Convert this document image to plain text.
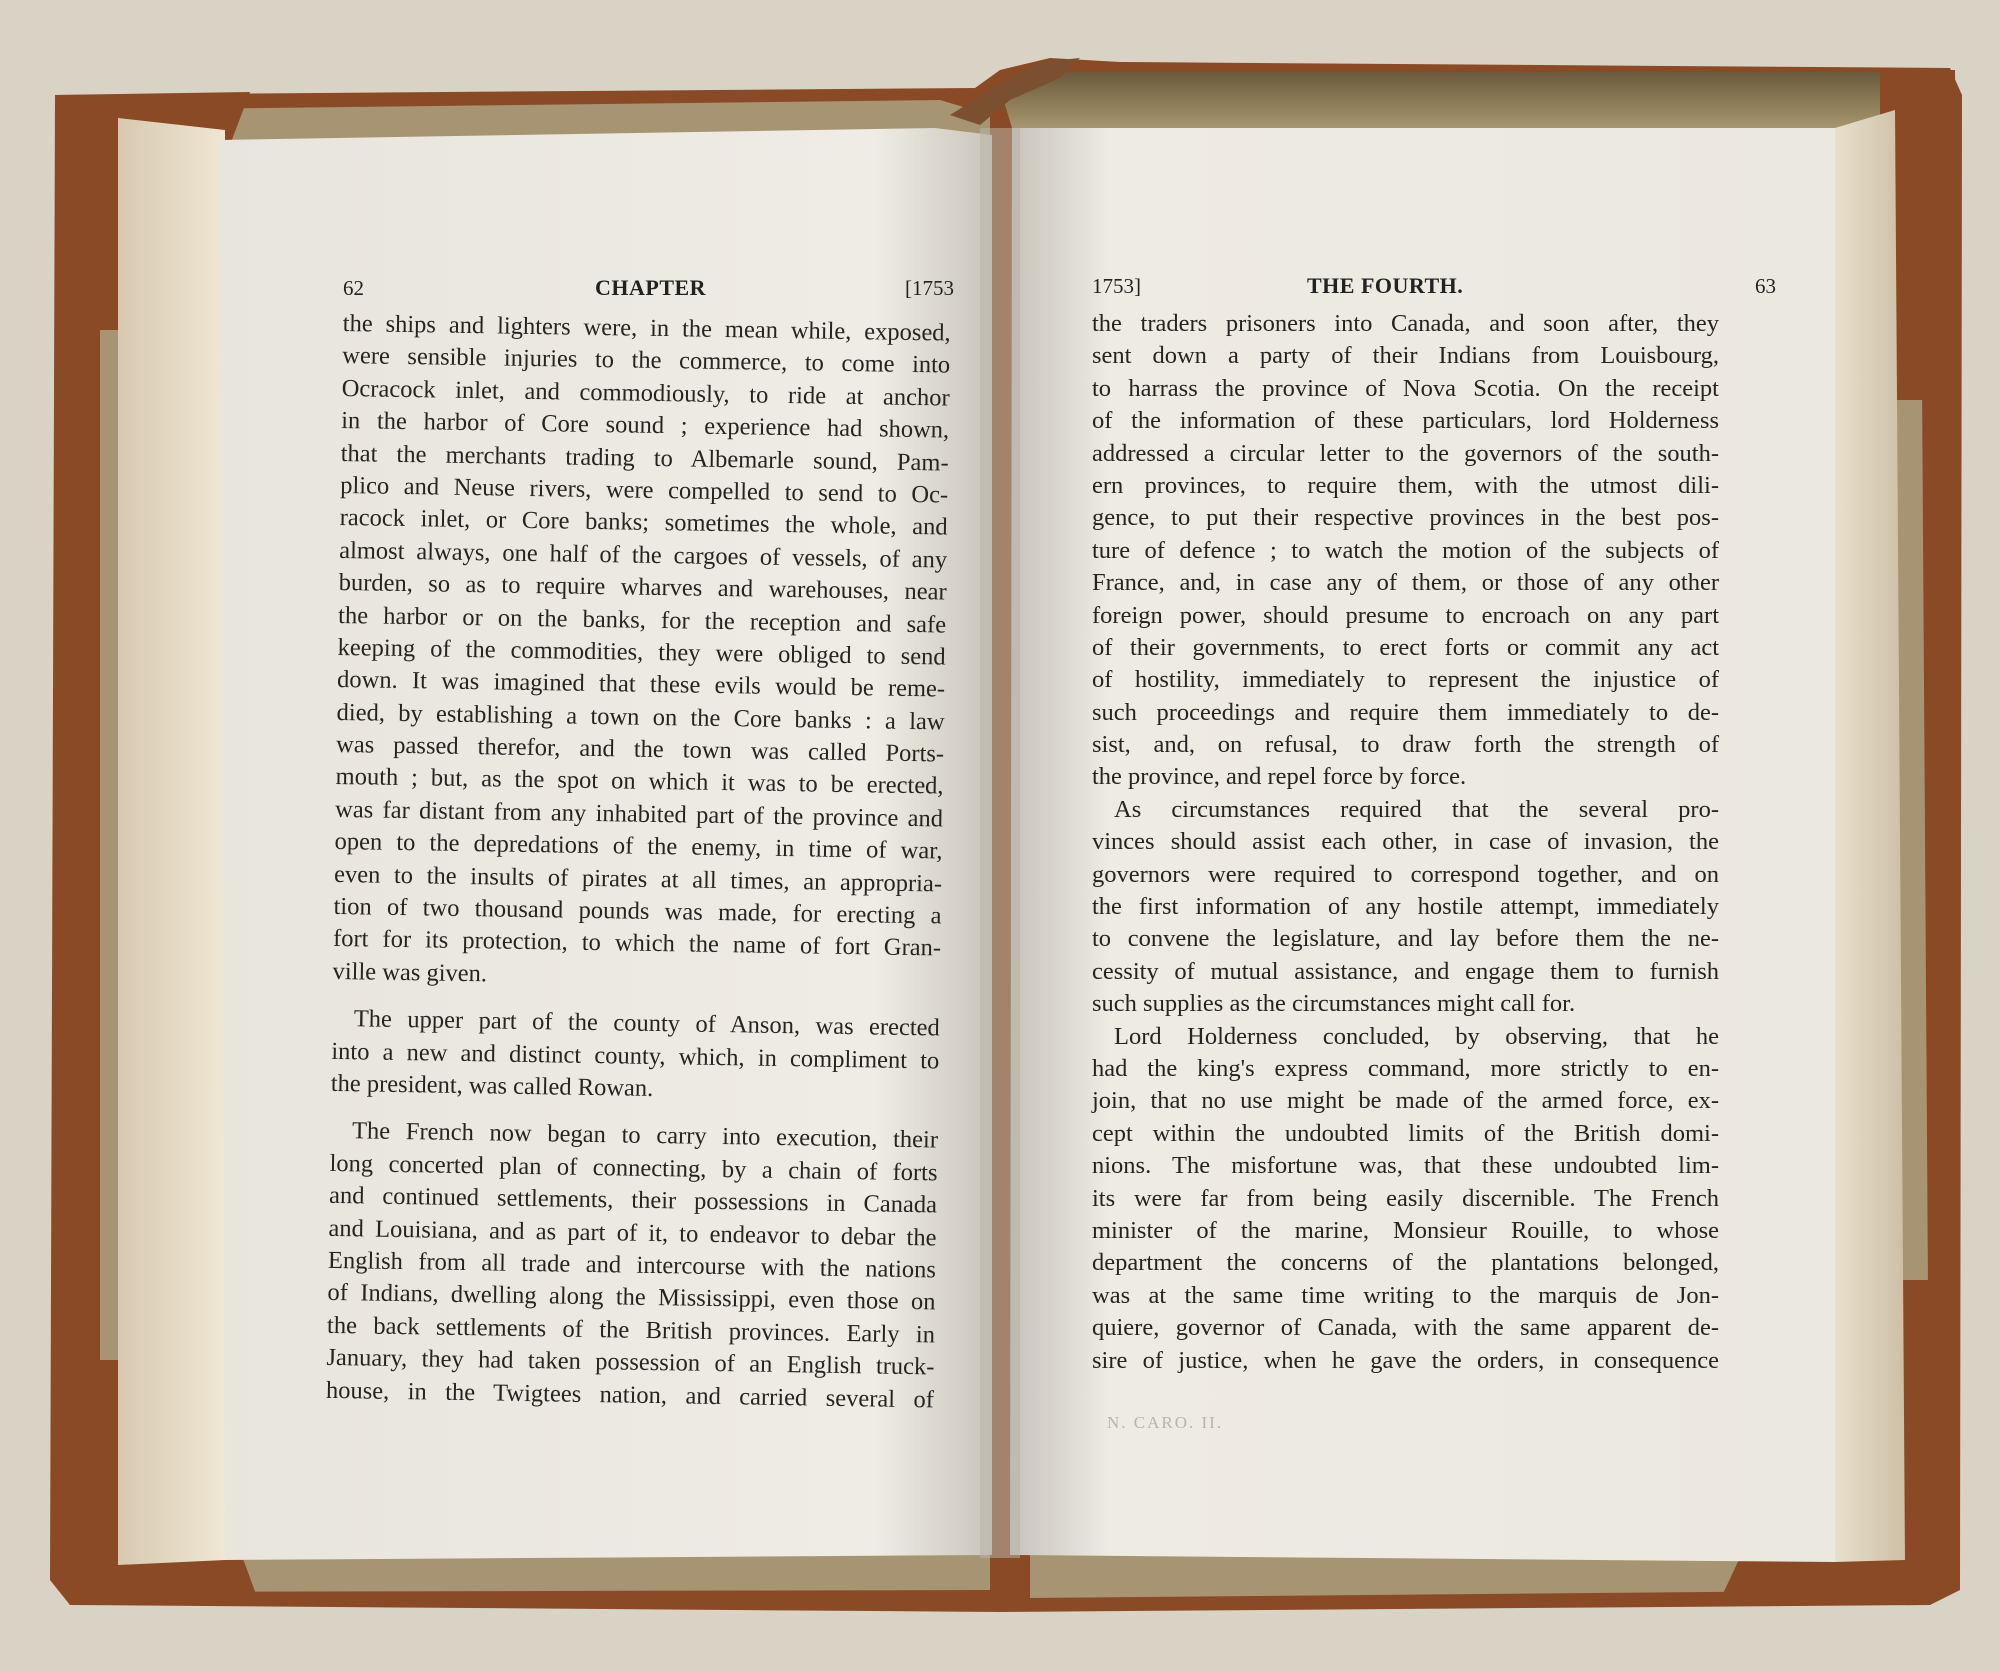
62	CHAPTER	[1753
the ships and lighters were, in the mean while, exposed,
were sensible injuries to the commerce, to come into
Ocracock inlet, and commodiously, to ride at anchor
in the harbor of Core sound ; experience had shown,
that the merchants trading to Albemarle sound, Pam-
plico and Neuse rivers, were compelled to send to Oc-
racock inlet, or Core banks; sometimes the whole, and
almost always, one half of the cargoes of vessels, of any
burden, so as to require wharves and warehouses, near
the harbor or on the banks, for the reception and safe
keeping of the commodities, they were obliged to send
down. It was imagined that these evils would be reme-
died, by establishing a town on the Core banks : a law
was passed therefor, and the town was called Ports-
mouth ; but, as the spot on which it was to be erected,
was far distant from any inhabited part of the province and
open to the depredations of the enemy, in time of war,
even to the insults of pirates at all times, an appropria-
tion of two thousand pounds was made, for erecting a
fort for its protection, to which the name of fort Gran-
ville was given.
The upper part of the county of Anson, was erected
into a new and distinct county, which, in compliment to
the president, was called Rowan.
The French now began to carry into execution, their
long concerted plan of connecting, by a chain of forts
and continued settlements, their possessions in Canada
and Louisiana, and as part of it, to endeavor to debar the
English from all trade and intercourse with the nations
of Indians, dwelling along the Mississippi, even those on
the back settlements of the British provinces. Early in
January, they had taken possession of an English truck-
house, in the Twigtees nation, and carried several of
1753]	THE FOURTH.	63
the traders prisoners into Canada, and soon after, they
sent down a party of their Indians from Louisbourg,
to harrass the province of Nova Scotia. On the receipt
of the information of these particulars, lord Holderness
addressed a circular letter to the governors of the south-
ern provinces, to require them, with the utmost dili-
gence, to put their respective provinces in the best pos-
ture of defence ; to watch the motion of the subjects of
France, and, in case any of them, or those of any other
foreign power, should presume to encroach on any part
of their governments, to erect forts or commit any act
of hostility, immediately to represent the injustice of
such proceedings and require them immediately to de-
sist, and, on refusal, to draw forth the strength of
the province, and repel force by force.
As circumstances required that the several pro-
vinces should assist each other, in case of invasion, the
governors were required to correspond together, and on
the first information of any hostile attempt, immediately
to convene the legislature, and lay before them the ne-
cessity of mutual assistance, and engage them to furnish
such supplies as the circumstances might call for.
Lord Holderness concluded, by observing, that he
had the king's express command, more strictly to en-
join, that no use might be made of the armed force, ex-
cept within the undoubted limits of the British domi-
nions. The misfortune was, that these undoubted lim-
its were far from being easily discernible. The French
minister of the marine, Monsieur Rouille, to whose
department the concerns of the plantations belonged,
was at the same time writing to the marquis de Jon-
quiere, governor of Canada, with the same apparent de-
sire of justice, when he gave the orders, in consequence
N. CARO. II.
